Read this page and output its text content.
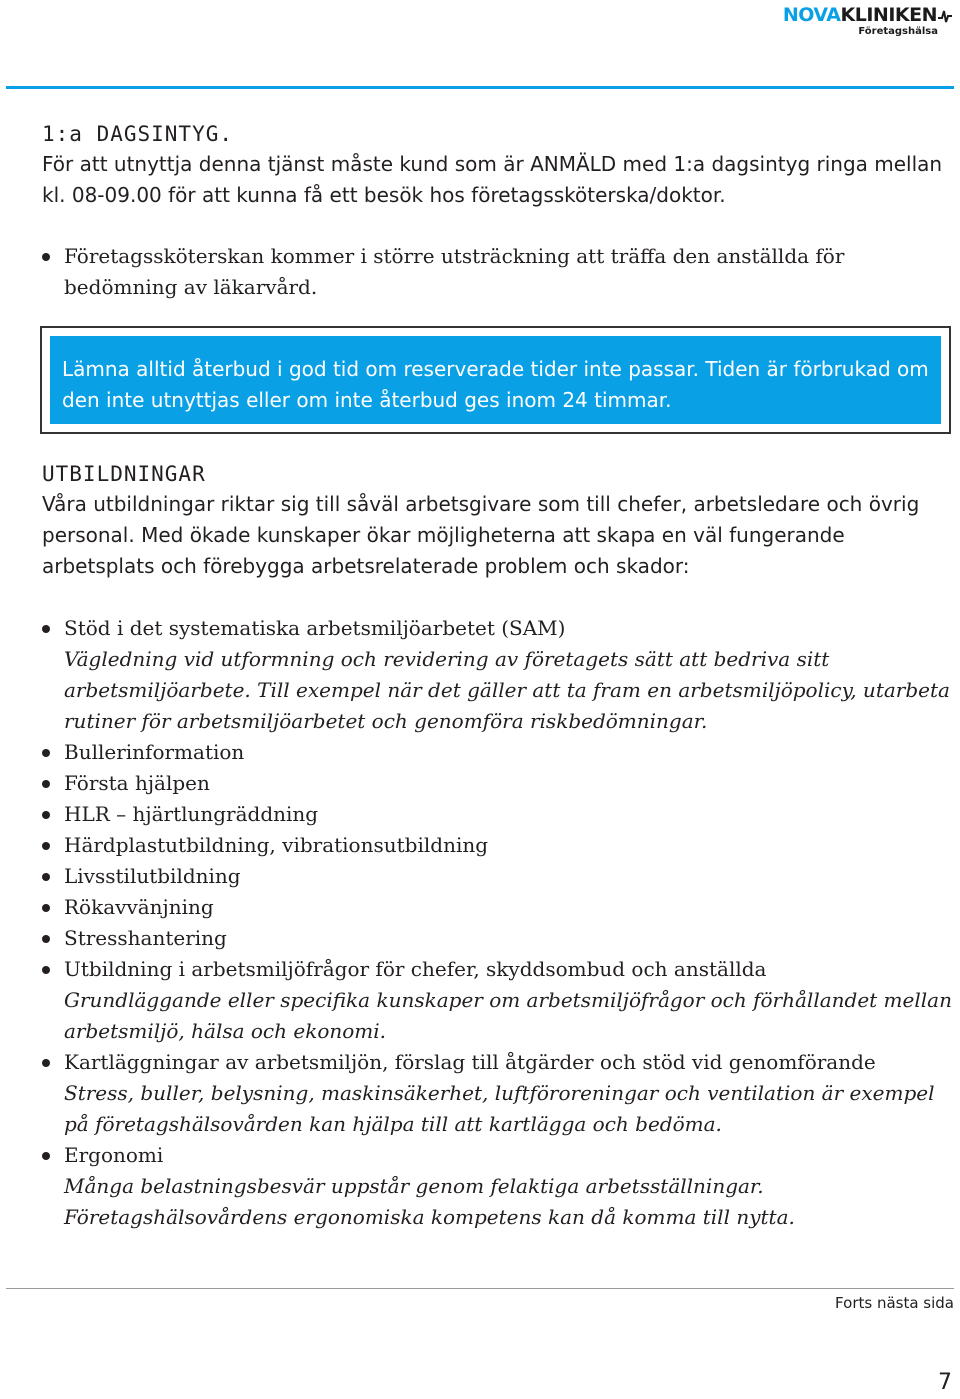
NOVAKLINIKEN
Företagshälsa
1:a DAGSINTYG.

För att utnyttja denna tjänst måste kund som är ANMÄLD med 1:a dagsintyg ringa mellan kl. 08-09.00 för att kunna få ett besök hos företagssköterska/doktor.

Företagssköterskan kommer i större utsträckning att träffa den anställda för bedömning av läkarvård.
Lämna alltid återbud i god tid om reserverade tider inte passar. Tiden är förbrukad om den inte utnyttjas eller om inte återbud ges inom 24 timmar.
UTBILDNINGAR

Våra utbildningar riktar sig till såväl arbetsgivare som till chefer, arbetsledare och övrig personal. Med ökade kunskaper ökar möjligheterna att skapa en väl fungerande arbetsplats och förebygga arbetsrelaterade problem och skador:

Stöd i det systematiska arbetsmiljöarbetet (SAM)
Vägledning vid utformning och revidering av företagets sätt att bedriva sitt arbetsmiljöarbete. Till exempel när det gäller att ta fram en arbetsmiljöpolicy, utarbeta rutiner för arbetsmiljöarbetet och genomföra riskbedömningar.
Bullerinformation
Första hjälpen
HLR – hjärtlungräddning
Härdplastutbildning, vibrationsutbildning
Livsstilutbildning
Rökavvänjning
Stresshantering
Utbildning i arbetsmiljöfrågor för chefer, skyddsombud och anställda
Grundläggande eller specifika kunskaper om arbetsmiljöfrågor och förhållandet mellan arbetsmiljö, hälsa och ekonomi.
Kartläggningar av arbetsmiljön, förslag till åtgärder och stöd vid genomförande
Stress, buller, belysning, maskinsäkerhet, luftföroreningar och ventilation är exempel på företagshälsovården kan hjälpa till att kartlägga och bedöma.
Ergonomi
Många belastningsbesvär uppstår genom felaktiga arbetsställningar. Företagshälsovårdens ergonomiska kompetens kan då komma till nytta.
Forts nästa sida
7
